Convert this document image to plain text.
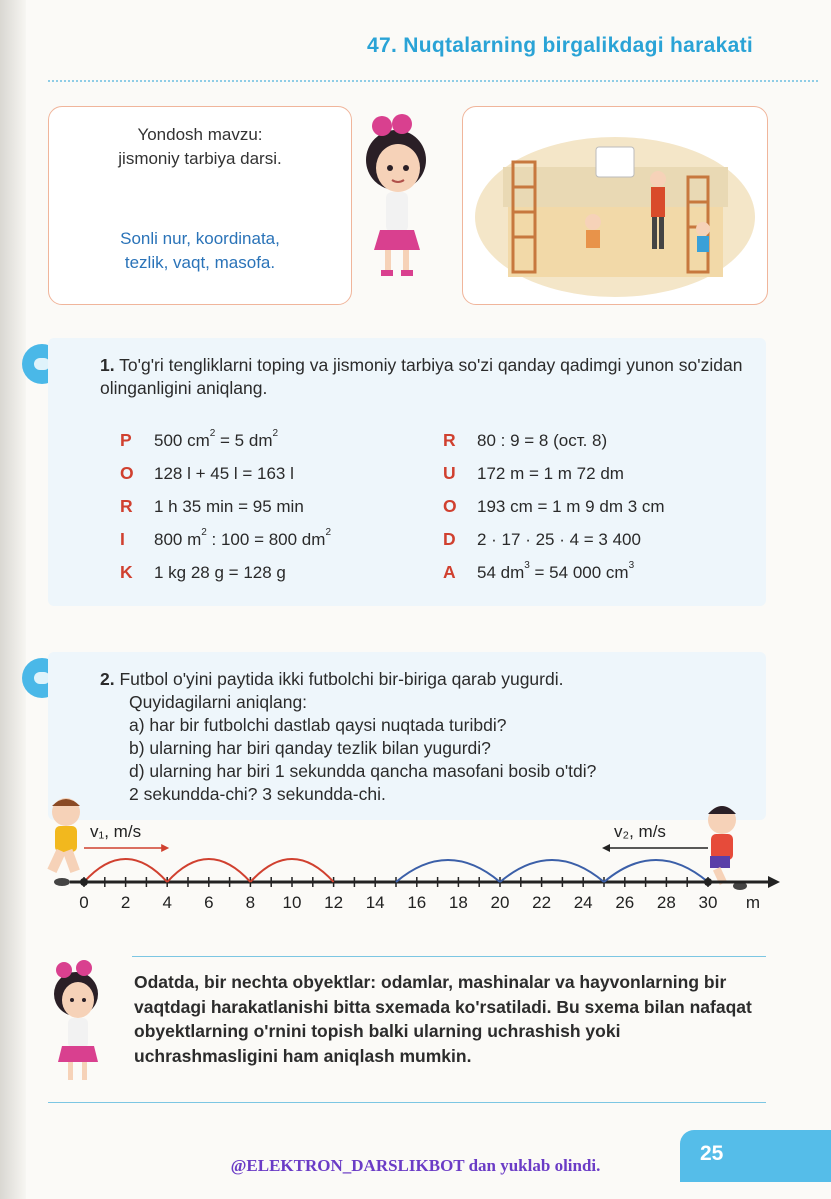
47. Nuqtalarning birgalikdagi harakati
Yondosh mavzu:
jismoniy tarbiya darsi.
Sonli nur, koordinata,
tezlik, vaqt, masofa.
1. To'g'ri tengliklarni toping va jismoniy tarbiya so'zi qanday qadimgi yunon so'zidan olinganligini aniqlang.
P	500 $cm^2 = 5$ $dm^2$
O	128 l + 45 l = 163 l
R	1 h 35 min = 95 min
I	800 $m^2$ : 100 = 800 $dm^2$
K	1 kg 28 g = 128 g
R	80 : 9 = 8 (ост. 8)
U	172 m = 1 m 72 dm
O	193 cm = 1 m 9 dm 3 cm
D	2 · 17 · 25 · 4 = 3 400
A	54 $dm^3 = 54$ 000 $cm^3$
2. Futbol o'yini paytida ikki futbolchi bir-biriga qarab yugurdi.
Quyidagilarni aniqlang:
a) har bir futbolchi dastlab qaysi nuqtada turibdi?
b) ularning har biri qanday tezlik bilan yugurdi?
d) ularning har biri 1 sekundda qancha masofani bosib o'tdi?
2 sekundda-chi? 3 sekundda-chi.
v₁, m/s	v₂, m/s
0	2	4	6	8	10	12	14	16	18	20	22	24	26	28	30	m
Odatda, bir nechta obyektlar: odamlar, mashinalar va hayvonlarning bir vaqtdagi harakatlanishi bitta sxemada ko'rsatiladi. Bu sxema bilan nafaqat obyektlarning o'rnini topish balki ularning uchrashish yoki uchrashmasligini ham aniqlash mumkin.
@ELEKTRON_DARSLIKBOT dan yuklab olindi.
25
